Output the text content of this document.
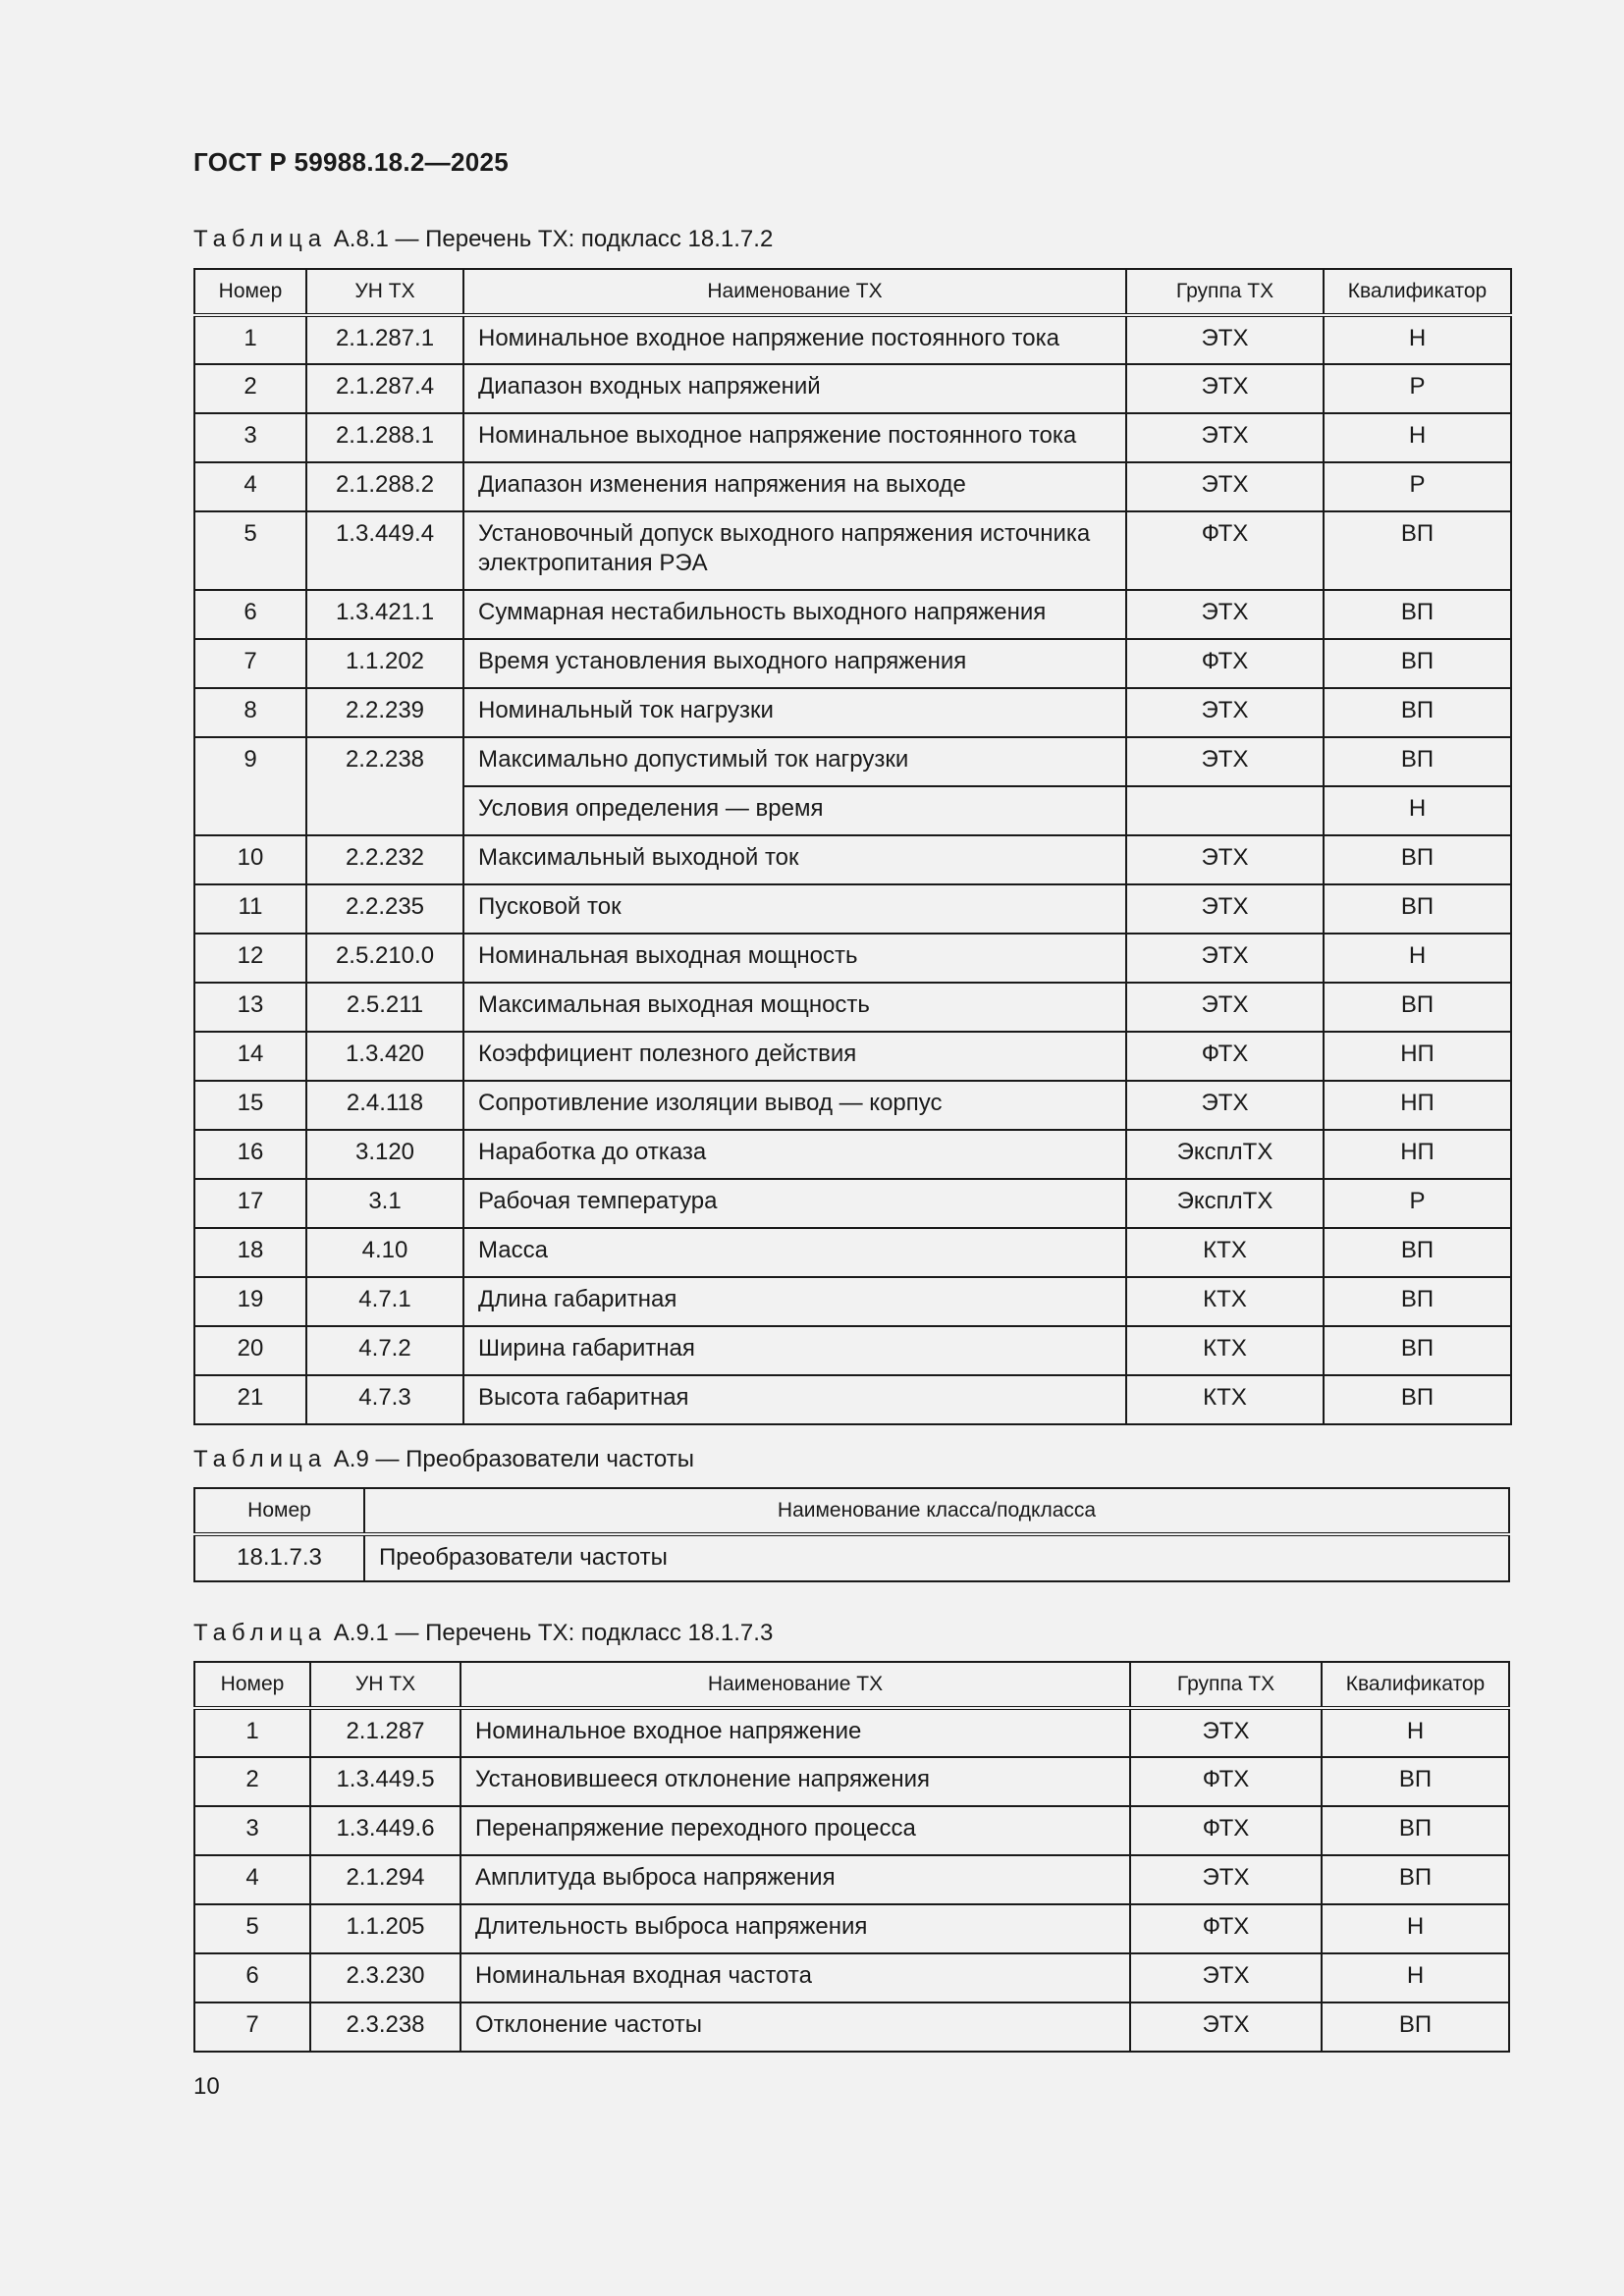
ГОСТ Р 59988.18.2—2025
Таблица А.8.1 — Перечень ТХ: подкласс 18.1.7.2
Номер	УН ТХ	Наименование ТХ	Группа ТХ	Квалификатор
1	2.1.287.1	Номинальное входное напряжение постоянного тока	ЭТХ	Н
2	2.1.287.4	Диапазон входных напряжений	ЭТХ	Р
3	2.1.288.1	Номинальное выходное напряжение постоянного тока	ЭТХ	Н
4	2.1.288.2	Диапазон изменения напряжения на выходе	ЭТХ	Р
5	1.3.449.4	Установочный допуск выходного напряжения источника электропитания РЭА	ФТХ	ВП
6	1.3.421.1	Суммарная нестабильность выходного напряжения	ЭТХ	ВП
7	1.1.202	Время установления выходного напряжения	ФТХ	ВП
8	2.2.239	Номинальный ток нагрузки	ЭТХ	ВП
9	2.2.238	Максимально допустимый ток нагрузки	ЭТХ	ВП
		Условия определения — время		Н
10	2.2.232	Максимальный выходной ток	ЭТХ	ВП
11	2.2.235	Пусковой ток	ЭТХ	ВП
12	2.5.210.0	Номинальная выходная мощность	ЭТХ	Н
13	2.5.211	Максимальная выходная мощность	ЭТХ	ВП
14	1.3.420	Коэффициент полезного действия	ФТХ	НП
15	2.4.118	Сопротивление изоляции вывод — корпус	ЭТХ	НП
16	3.120	Наработка до отказа	ЭксплТХ	НП
17	3.1	Рабочая температура	ЭксплТХ	Р
18	4.10	Масса	КТХ	ВП
19	4.7.1	Длина габаритная	КТХ	ВП
20	4.7.2	Ширина габаритная	КТХ	ВП
21	4.7.3	Высота габаритная	КТХ	ВП
Таблица А.9 — Преобразователи частоты
Номер	Наименование класса/подкласса
18.1.7.3	Преобразователи частоты
Таблица А.9.1 — Перечень ТХ: подкласс 18.1.7.3
Номер	УН ТХ	Наименование ТХ	Группа ТХ	Квалификатор
1	2.1.287	Номинальное входное напряжение	ЭТХ	Н
2	1.3.449.5	Установившееся отклонение напряжения	ФТХ	ВП
3	1.3.449.6	Перенапряжение переходного процесса	ФТХ	ВП
4	2.1.294	Амплитуда выброса напряжения	ЭТХ	ВП
5	1.1.205	Длительность выброса напряжения	ФТХ	Н
6	2.3.230	Номинальная входная частота	ЭТХ	Н
7	2.3.238	Отклонение частоты	ЭТХ	ВП
10
